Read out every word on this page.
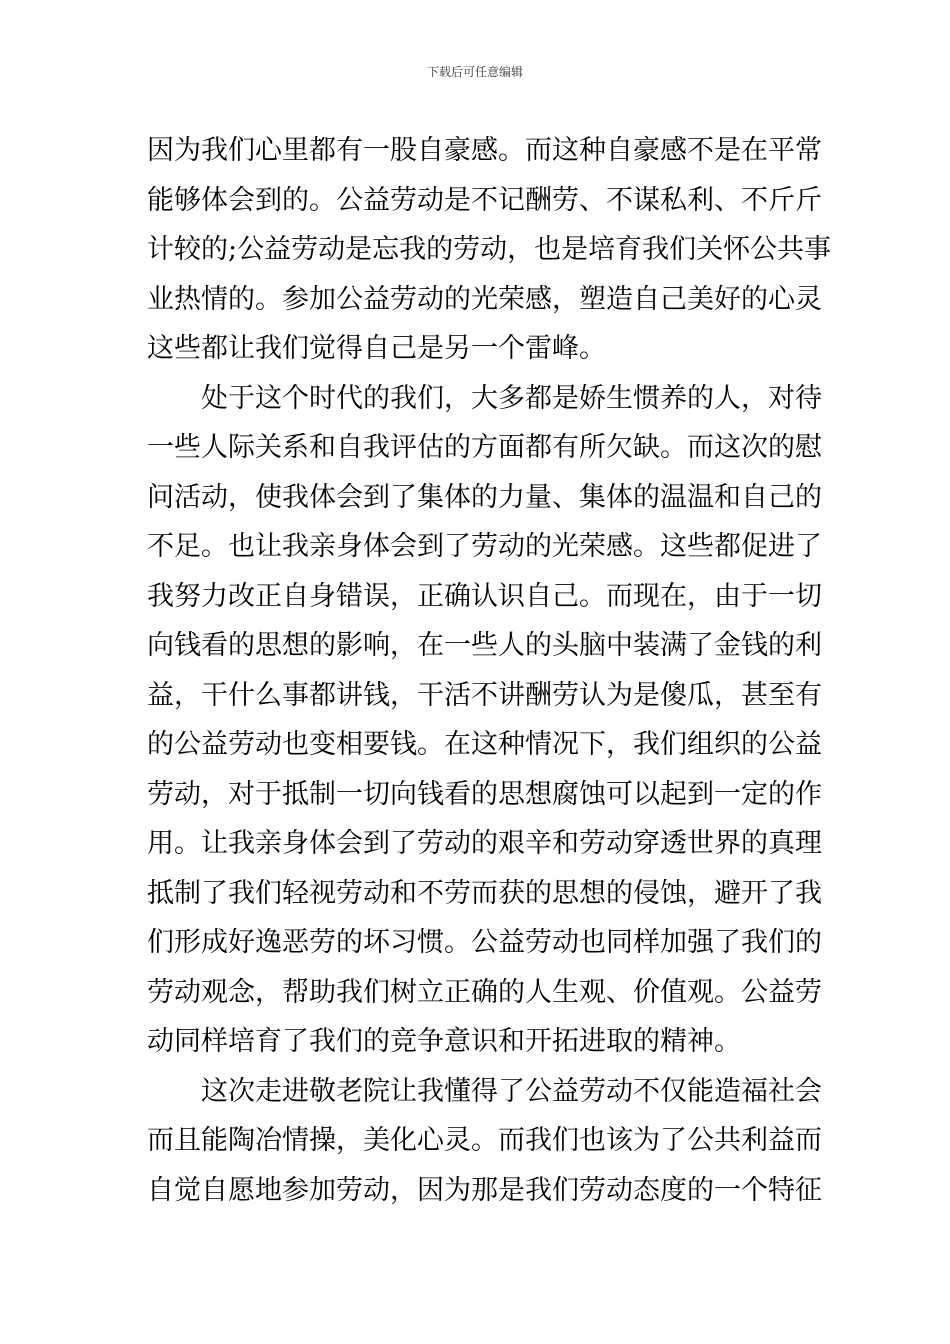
下载后可任意编辑
因为我们心里都有一股自豪感。而这种自豪感不是在平常
能够体会到的。公益劳动是不记酬劳、不谋私利、不斤斤
计较的;公益劳动是忘我的劳动，也是培育我们关怀公共事
业热情的。参加公益劳动的光荣感，塑造自己美好的心灵
这些都让我们觉得自己是另一个雷峰。
处于这个时代的我们，大多都是娇生惯养的人，对待
一些人际关系和自我评估的方面都有所欠缺。而这次的慰
问活动，使我体会到了集体的力量、集体的温温和自己的
不足。也让我亲身体会到了劳动的光荣感。这些都促进了
我努力改正自身错误，正确认识自己。而现在，由于一切
向钱看的思想的影响，在一些人的头脑中装满了金钱的利
益，干什么事都讲钱，干活不讲酬劳认为是傻瓜，甚至有
的公益劳动也变相要钱。在这种情况下，我们组织的公益
劳动，对于抵制一切向钱看的思想腐蚀可以起到一定的作
用。让我亲身体会到了劳动的艰辛和劳动穿透世界的真理
抵制了我们轻视劳动和不劳而获的思想的侵蚀，避开了我
们形成好逸恶劳的坏习惯。公益劳动也同样加强了我们的
劳动观念，帮助我们树立正确的人生观、价值观。公益劳
动同样培育了我们的竞争意识和开拓进取的精神。
这次走进敬老院让我懂得了公益劳动不仅能造福社会
而且能陶冶情操，美化心灵。而我们也该为了公共利益而
自觉自愿地参加劳动，因为那是我们劳动态度的一个特征
